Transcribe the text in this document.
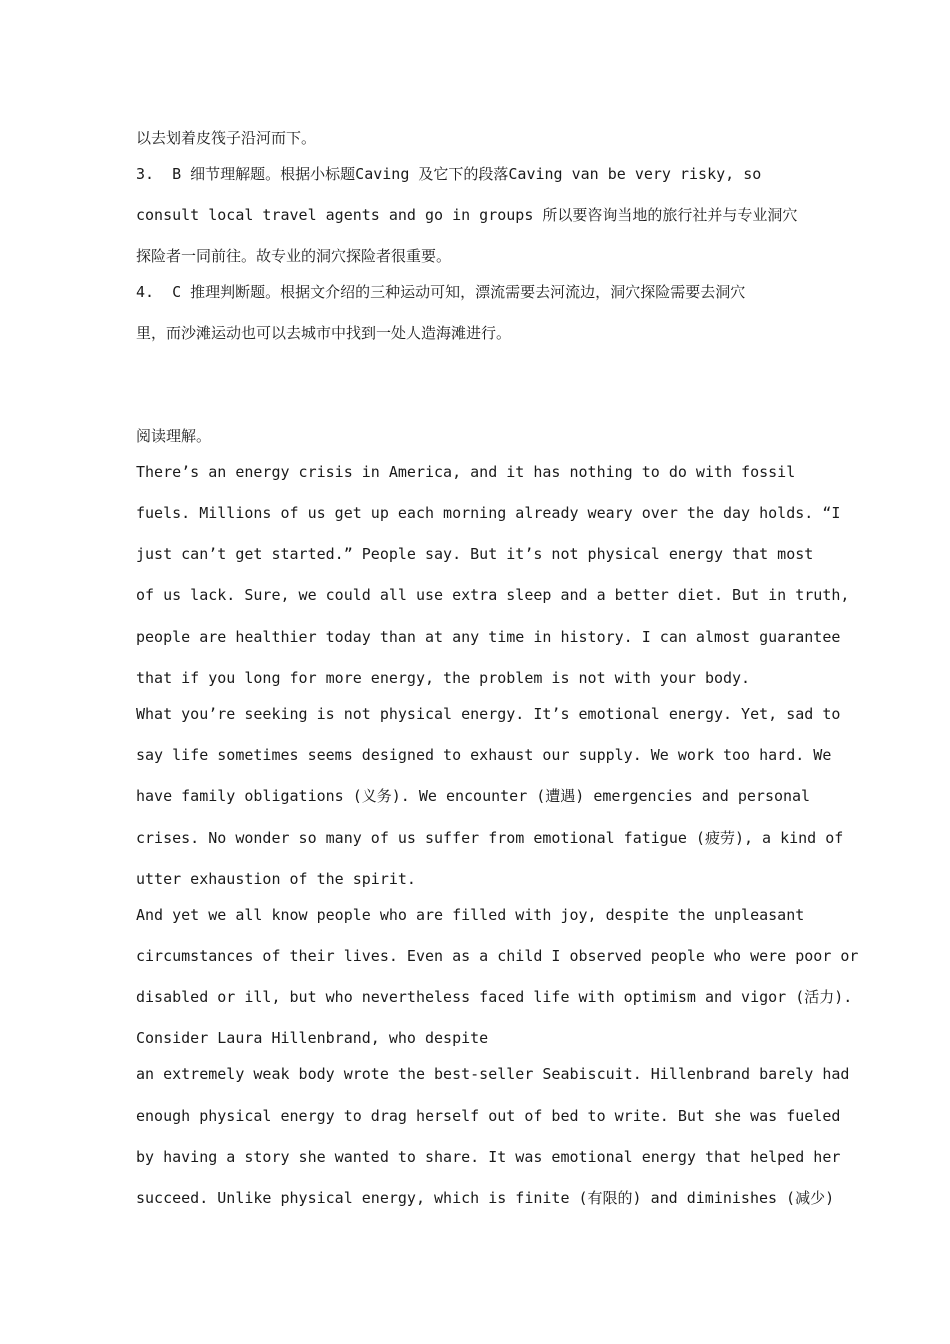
以去划着皮筏子沿河而下。
3.  B 细节理解题。根据小标题Caving 及它下的段落Caving van be very risky, so
consult local travel agents and go in groups 所以要咨询当地的旅行社并与专业洞穴
探险者一同前往。故专业的洞穴探险者很重要。
4.  C 推理判断题。根据文介绍的三种运动可知，漂流需要去河流边，洞穴探险需要去洞穴
里，而沙滩运动也可以去城市中找到一处人造海滩进行。
阅读理解。
There’s an energy crisis in America, and it has nothing to do with fossil
fuels. Millions of us get up each morning already weary over the day holds. “I
just can’t get started.” People say. But it’s not physical energy that most
of us lack. Sure, we could all use extra sleep and a better diet. But in truth,
people are healthier today than at any time in history. I can almost guarantee
that if you long for more energy, the problem is not with your body.
What you’re seeking is not physical energy. It’s emotional energy. Yet, sad to
say life sometimes seems designed to exhaust our supply. We work too hard. We
have family obligations (义务). We encounter (遭遇) emergencies and personal
crises. No wonder so many of us suffer from emotional fatigue (疲劳), a kind of
utter exhaustion of the spirit.
And yet we all know people who are filled with joy, despite the unpleasant
circumstances of their lives. Even as a child I observed people who were poor or
disabled or ill, but who nevertheless faced life with optimism and vigor (活力).
Consider Laura Hillenbrand, who despite
an extremely weak body wrote the best-seller Seabiscuit. Hillenbrand barely had
enough physical energy to drag herself out of bed to write. But she was fueled
by having a story she wanted to share. It was emotional energy that helped her
succeed. Unlike physical energy, which is finite (有限的) and diminishes (减少)
